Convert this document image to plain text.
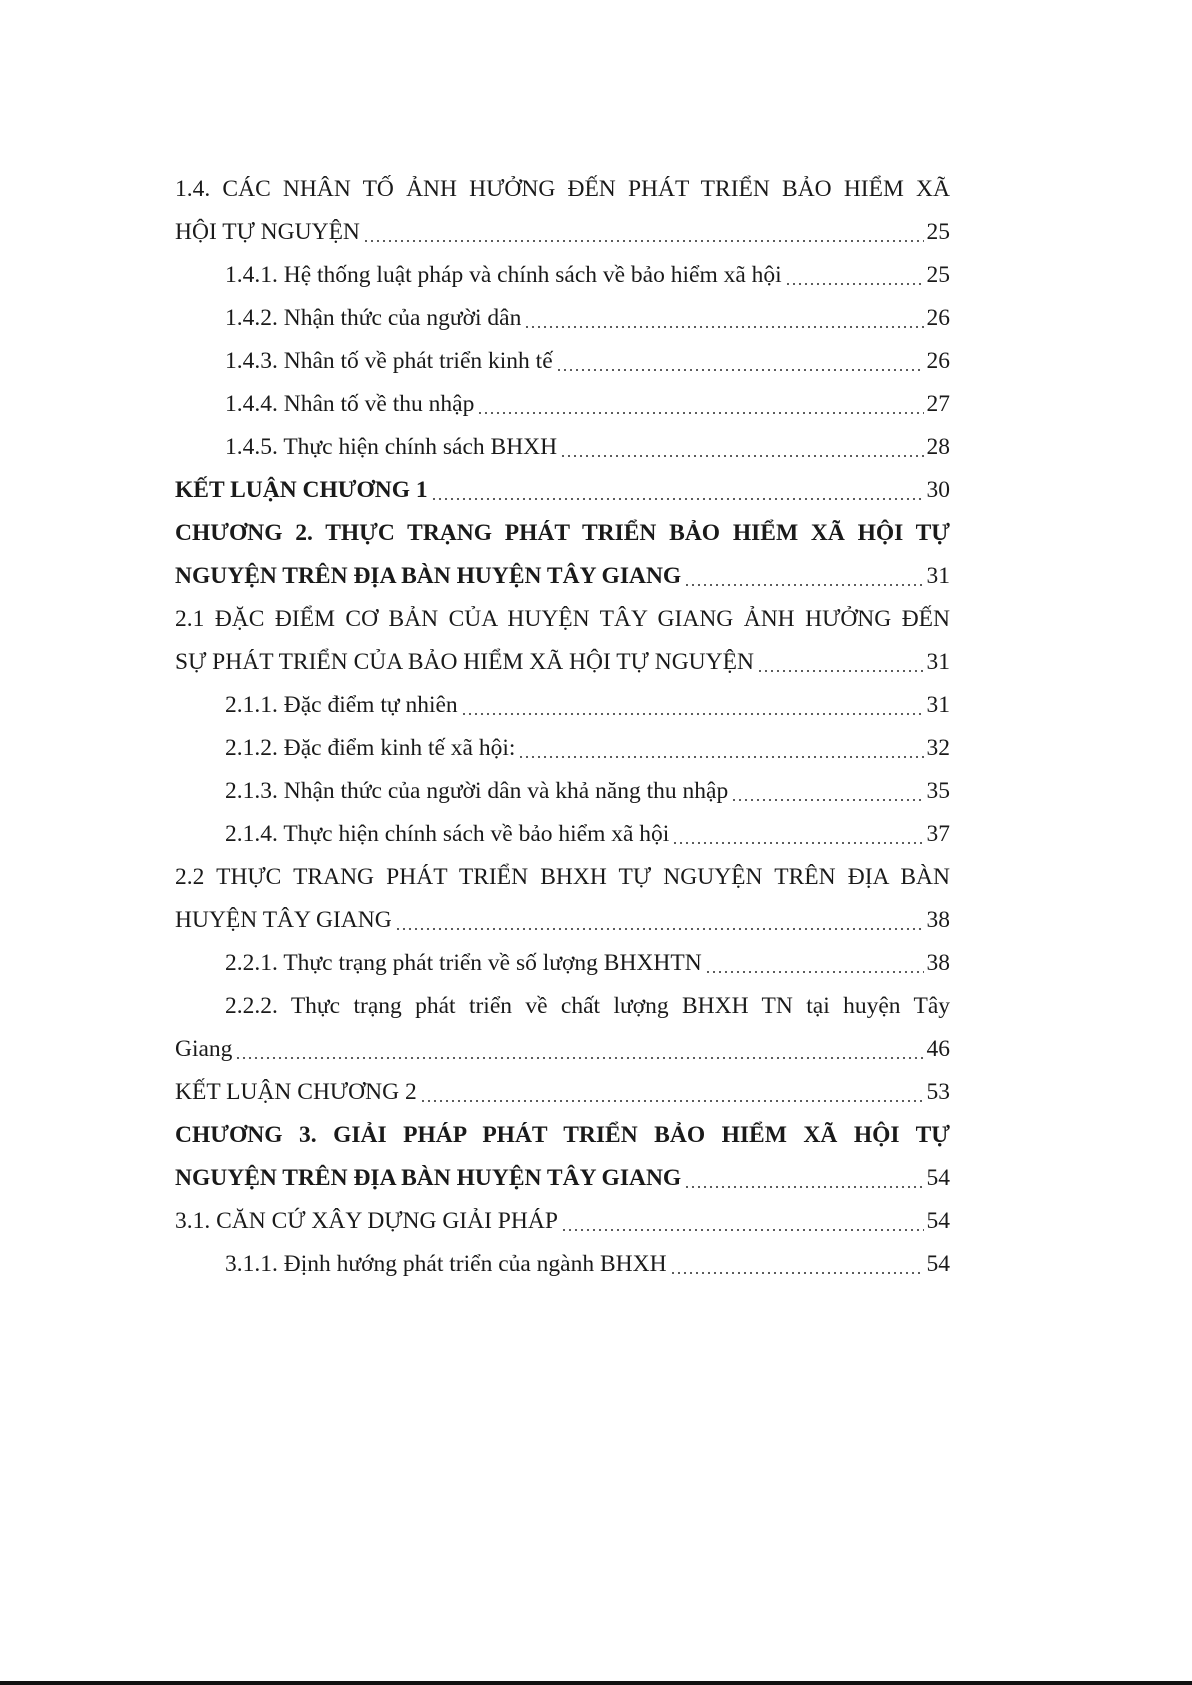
1.4. CÁC NHÂN TỐ ẢNH HƯỞNG ĐẾN PHÁT TRIỂN BẢO HIỂM XÃ
HỘI TỰ NGUYỆN	25
1.4.1. Hệ thống luật pháp và chính sách về bảo hiểm xã hội	25
1.4.2. Nhận thức của người dân	26
1.4.3. Nhân tố về phát triển kinh tế	26
1.4.4. Nhân tố về thu nhập	27
1.4.5. Thực hiện chính sách BHXH	28
KẾT LUẬN CHƯƠNG 1	30
CHƯƠNG 2. THỰC TRẠNG PHÁT TRIỂN BẢO HIỂM XÃ HỘI TỰ
NGUYỆN TRÊN ĐỊA BÀN HUYỆN TÂY GIANG	31
2.1 ĐẶC ĐIỂM CƠ BẢN CỦA HUYỆN TÂY GIANG ẢNH HƯỞNG ĐẾN
SỰ PHÁT TRIỂN CỦA BẢO HIỂM XÃ HỘI TỰ NGUYỆN	31
2.1.1. Đặc điểm tự nhiên	31
2.1.2. Đặc điểm kinh tế xã hội:	32
2.1.3. Nhận thức của người dân và khả năng thu nhập	35
2.1.4. Thực hiện chính sách về bảo hiểm xã hội	37
2.2 THỰC TRANG PHÁT TRIỂN BHXH TỰ NGUYỆN TRÊN ĐỊA BÀN
HUYỆN TÂY GIANG	38
2.2.1. Thực trạng phát triển về số lượng BHXHTN	38
2.2.2. Thực trạng phát triển về chất lượng BHXH TN tại huyện Tây
Giang	46
KẾT LUẬN CHƯƠNG 2	53
CHƯƠNG 3. GIẢI PHÁP PHÁT TRIỂN BẢO HIỂM XÃ HỘI TỰ
NGUYỆN TRÊN ĐỊA BÀN HUYỆN TÂY GIANG	54
3.1. CĂN CỨ XÂY DỰNG GIẢI PHÁP	54
3.1.1. Định hướng phát triển của ngành BHXH	54
